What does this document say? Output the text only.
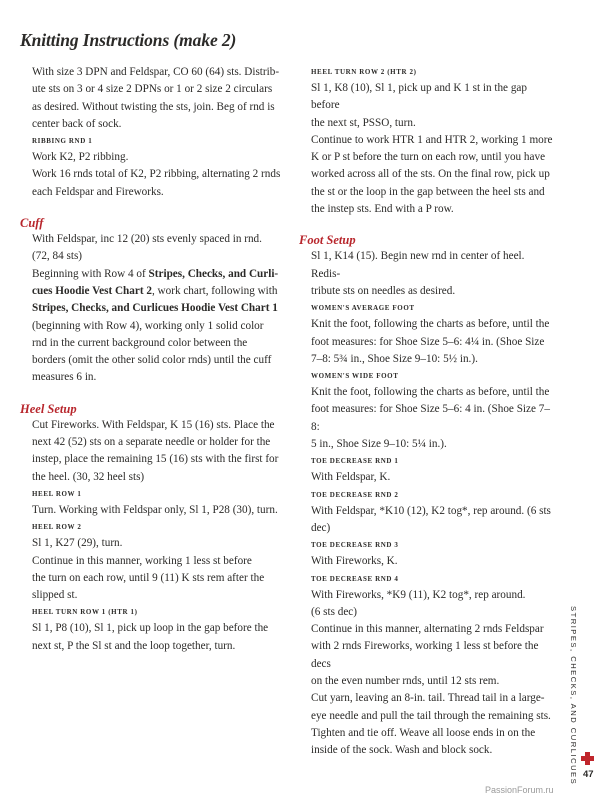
Knitting Instructions (make 2)

With size 3 DPN and Feldspar, CO 60 (64) sts. Distrib-

ute sts on 3 or 4 size 2 DPNs or 1 or 2 size 2 circulars

as desired. Without twisting the sts, join. Beg of rnd is

center back of sock.

RIBBING RND 1

Work K2, P2 ribbing.

Work 16 rnds total of K2, P2 ribbing, alternating 2 rnds

each Feldspar and Fireworks.

Cuff

With Feldspar, inc 12 (20) sts evenly spaced in rnd.

(72, 84 sts)

Beginning with Row 4 of Stripes, Checks, and Curli-

cues Hoodie Vest Chart 2, work chart, following with

Stripes, Checks, and Curlicues Hoodie Vest Chart 1

(beginning with Row 4), working only 1 solid color

rnd in the current background color between the

borders (omit the other solid color rnds) until the cuff

measures 6 in.

Heel Setup

Cut Fireworks. With Feldspar, K 15 (16) sts. Place the

next 42 (52) sts on a separate needle or holder for the

instep, place the remaining 15 (16) sts with the first for

the heel. (30, 32 heel sts)

HEEL ROW 1

Turn. Working with Feldspar only, Sl 1, P28 (30), turn.

HEEL ROW 2

Sl 1, K27 (29), turn.

Continue in this manner, working 1 less st before

the turn on each row, until 9 (11) K sts rem after the

slipped st.

HEEL TURN ROW 1 (HTR 1)

Sl 1, P8 (10), Sl 1, pick up loop in the gap before the

next st, P the Sl st and the loop together, turn.

HEEL TURN ROW 2 (HTR 2)

Sl 1, K8 (10), Sl 1, pick up and K 1 st in the gap before

the next st, PSSO, turn.

Continue to work HTR 1 and HTR 2, working 1 more

K or P st before the turn on each row, until you have

worked across all of the sts. On the final row, pick up

the st or the loop in the gap between the heel sts and

the instep sts. End with a P row.

Foot Setup

Sl 1, K14 (15). Begin new rnd in center of heel. Redis-

tribute sts on needles as desired.

WOMEN'S AVERAGE FOOT

Knit the foot, following the charts as before, until the

foot measures: for Shoe Size 5–6: 4¼ in. (Shoe Size

7–8: 5¾ in., Shoe Size 9–10: 5½ in.).

WOMEN'S WIDE FOOT

Knit the foot, following the charts as before, until the

foot measures: for Shoe Size 5–6: 4 in. (Shoe Size 7–8:

5 in., Shoe Size 9–10: 5¼ in.).

TOE DECREASE RND 1

With Feldspar, K.

TOE DECREASE RND 2

With Feldspar, *K10 (12), K2 tog*, rep around. (6 sts

dec)

TOE DECREASE RND 3

With Fireworks, K.

TOE DECREASE RND 4

With Fireworks, *K9 (11), K2 tog*, rep around.

(6 sts dec)

Continue in this manner, alternating 2 rnds Feldspar

with 2 rnds Fireworks, working 1 less st before the decs

on the even number rnds, until 12 sts rem.

Cut yarn, leaving an 8-in. tail. Thread tail in a large-

eye needle and pull the tail through the remaining sts.

Tighten and tie off. Weave all loose ends in on the

inside of the sock. Wash and block sock.	STRIPES, CHECKS, AND CURLICUES 47
PassionForum.ru
